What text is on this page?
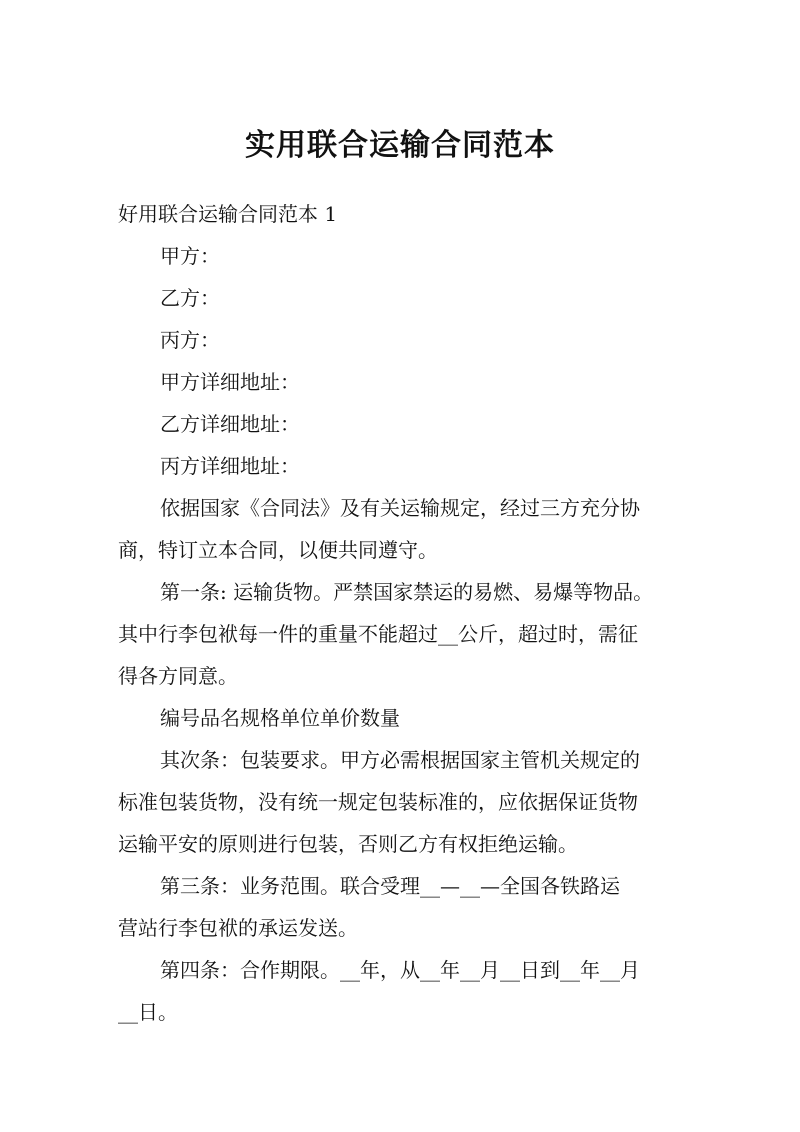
实用联合运输合同范本
好用联合运输合同范本 1
甲方：
乙方：
丙方：
甲方详细地址：
乙方详细地址：
丙方详细地址：
依据国家《合同法》及有关运输规定，经过三方充分协
商，特订立本合同，以便共同遵守。
第一条: 运输货物。严禁国家禁运的易燃、易爆等物品。
其中行李包袱每一件的重量不能超过__公斤，超过时，需征
得各方同意。
编号品名规格单位单价数量
其次条：包装要求。甲方必需根据国家主管机关规定的
标准包装货物，没有统一规定包装标准的，应依据保证货物
运输平安的原则进行包装，否则乙方有权拒绝运输。
第三条：业务范围。联合受理__—__—全国各铁路运
营站行李包袱的承运发送。
第四条：合作期限。__年，从__年__月__日到__年__月
__日。
